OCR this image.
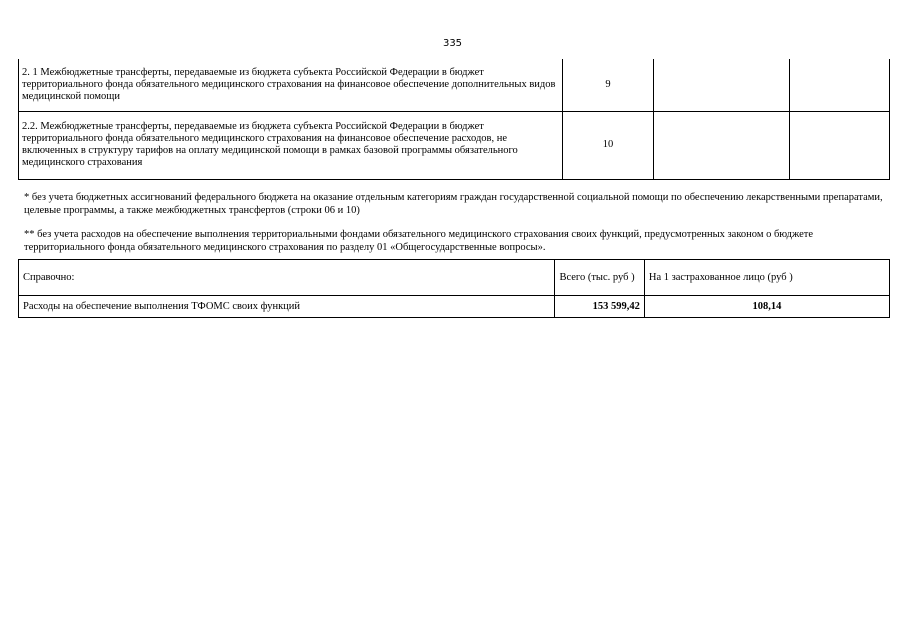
335
2. 1 Межбюджетные трансферты, передаваемые из бюджета субъекта Российской Федерации в бюджет территориального фонда обязательного медицинского страхования на финансовое обеспечение дополнительных видов медицинской помощи	9		
2.2. Межбюджетные трансферты, передаваемые из бюджета субъекта Российской Федерации в бюджет территориального фонда обязательного медицинского страхования на финансовое обеспечение расходов, не включенных в структуру тарифов на оплату медицинской помощи в рамках базовой программы обязательного медицинского страхования	10		
* без учета бюджетных ассигнований федерального бюджета на оказание отдельным категориям граждан государственной социальной помощи по обеспечению лекарственными препаратами, целевые программы, а также межбюджетных трансфертов (строки 06 и 10)
** без учета расходов на обеспечение выполнения территориальными фондами обязательного медицинского страхования своих функций, предусмотренных законом о бюджете территориального фонда обязательного медицинского страхования по разделу 01 «Общегосударственные вопросы».
Справочно:	Всего (тыс. руб )	На 1 застрахованное лицо (руб )
Расходы на обеспечение выполнения ТФОМС своих функций	153 599,42	108,14
